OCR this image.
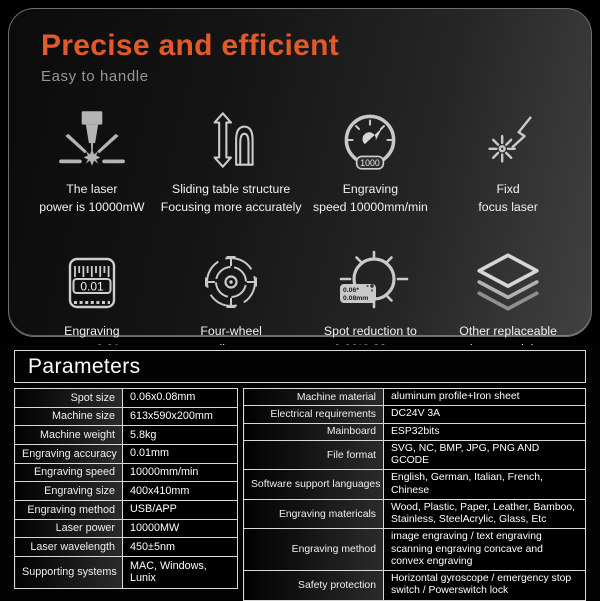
Precise and efficient
Easy to handle
The laser
power is 10000mW
Sliding table structure
Focusing more accurately
1000
Engraving
speed 10000mm/min
Fixd
focus laser
0.01
Engraving	Four-wheel
0.06*
0.08mm
Spot reduction to	Other replaceable
Parameters
Spot size	0.06x0.08mm
Machine size	613x590x200mm
Machine weight	5.8kg
Engraving accuracy	0.01mm
Engraving speed	10000mm/min
Engraving size	400x410mm
Engraving method	USB/APP
Laser power	10000MW
Laser wavelength	450±5nm
Supporting systems	MAC, Windows, Lunix
Machine material	aluminum profile+Iron sheet
Electrical requirements	DC24V 3A
Mainboard	ESP32bits
File format	SVG, NC, BMP, JPG, PNG AND GCODE
Software support languages	English, German, Italian, French, Chinese
Engraving matericals	Wood, Plastic, Paper, Leather, Bamboo, Stainless, SteelAcrylic, Glass, Etc
Engraving method	image engraving / text engraving scanning engraving concave and convex engraving
Safety protection	Horizontal gyroscope / emergency stop switch / Powerswitch lock
